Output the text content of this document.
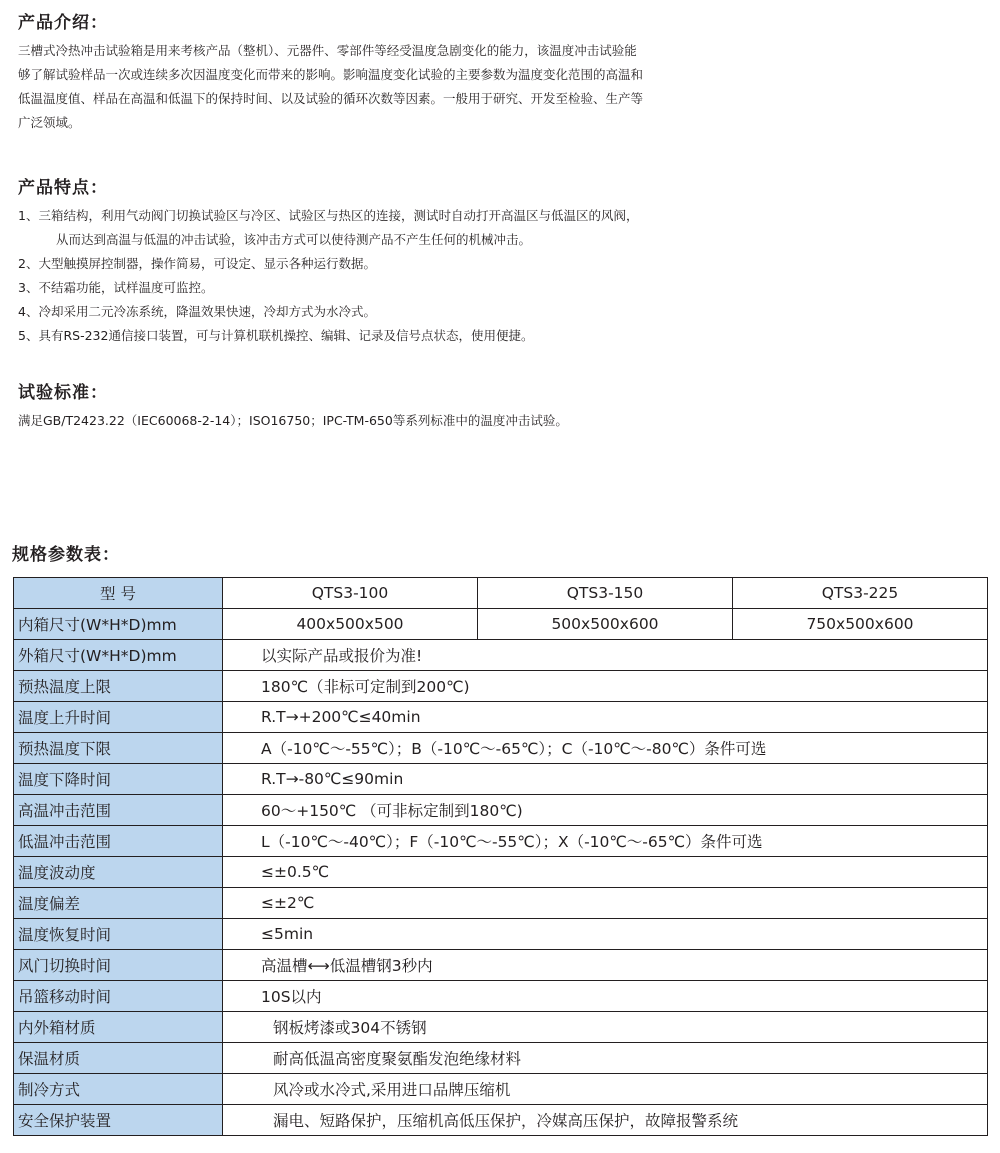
产品介绍：

三槽式冷热冲击试验箱是用来考核产品（整机）、元器件、零部件等经受温度急剧变化的能力，该温度冲击试验能

够了解试验样品一次或连续多次因温度变化而带来的影响。影响温度变化试验的主要参数为温度变化范围的高温和

低温温度值、样品在高温和低温下的保持时间、以及试验的循环次数等因素。一般用于研究、开发至检验、生产等

广泛领域。

产品特点：

1、三箱结构，利用气动阀门切换试验区与冷区、试验区与热区的连接，测试时自动打开高温区与低温区的风阀，

从而达到高温与低温的冲击试验，该冲击方式可以使待测产品不产生任何的机械冲击。

2、大型触摸屏控制器，操作简易，可设定、显示各种运行数据。

3、不结霜功能，试样温度可监控。

4、冷却采用二元冷冻系统，降温效果快速，冷却方式为水冷式。

5、具有RS-232通信接口装置，可与计算机联机操控、编辑、记录及信号点状态，使用便捷。

试验标准：

满足GB/T2423.22（IEC60068-2-14）；ISO16750；IPC-TM-650等系列标准中的温度冲击试验。

规格参数表：
型 号	QTS3-100	QTS3-150	QTS3-225
内箱尺寸(W*H*D)mm	400x500x500	500x500x600	750x500x600
外箱尺寸(W*H*D)mm	以实际产品或报价为准!		
预热温度上限	180℃（非标可定制到200℃)		
温度上升时间	R.T→+200℃≤40min		
预热温度下限	A（-10℃～-55℃）；B（-10℃～-65℃）；C（-10℃～-80℃）条件可选		
温度下降时间	R.T→-80℃≤90min		
高温冲击范围	60～+150℃ （可非标定制到180℃)		
低温冲击范围	L（-10℃～-40℃）；F（-10℃～-55℃）；X（-10℃～-65℃）条件可选		
温度波动度	≤±0.5℃		
温度偏差	≤±2℃		
温度恢复时间	≤5min		
风门切换时间	高温槽⟷低温槽钢3秒内		
吊篮移动时间	10S以内		
内外箱材质	钢板烤漆或304不锈钢		
保温材质	耐高低温高密度聚氨酯发泡绝缘材料		
制冷方式	风冷或水冷式,采用进口品牌压缩机		
安全保护装置	漏电、短路保护，压缩机高低压保护，冷媒高压保护，故障报警系统		
